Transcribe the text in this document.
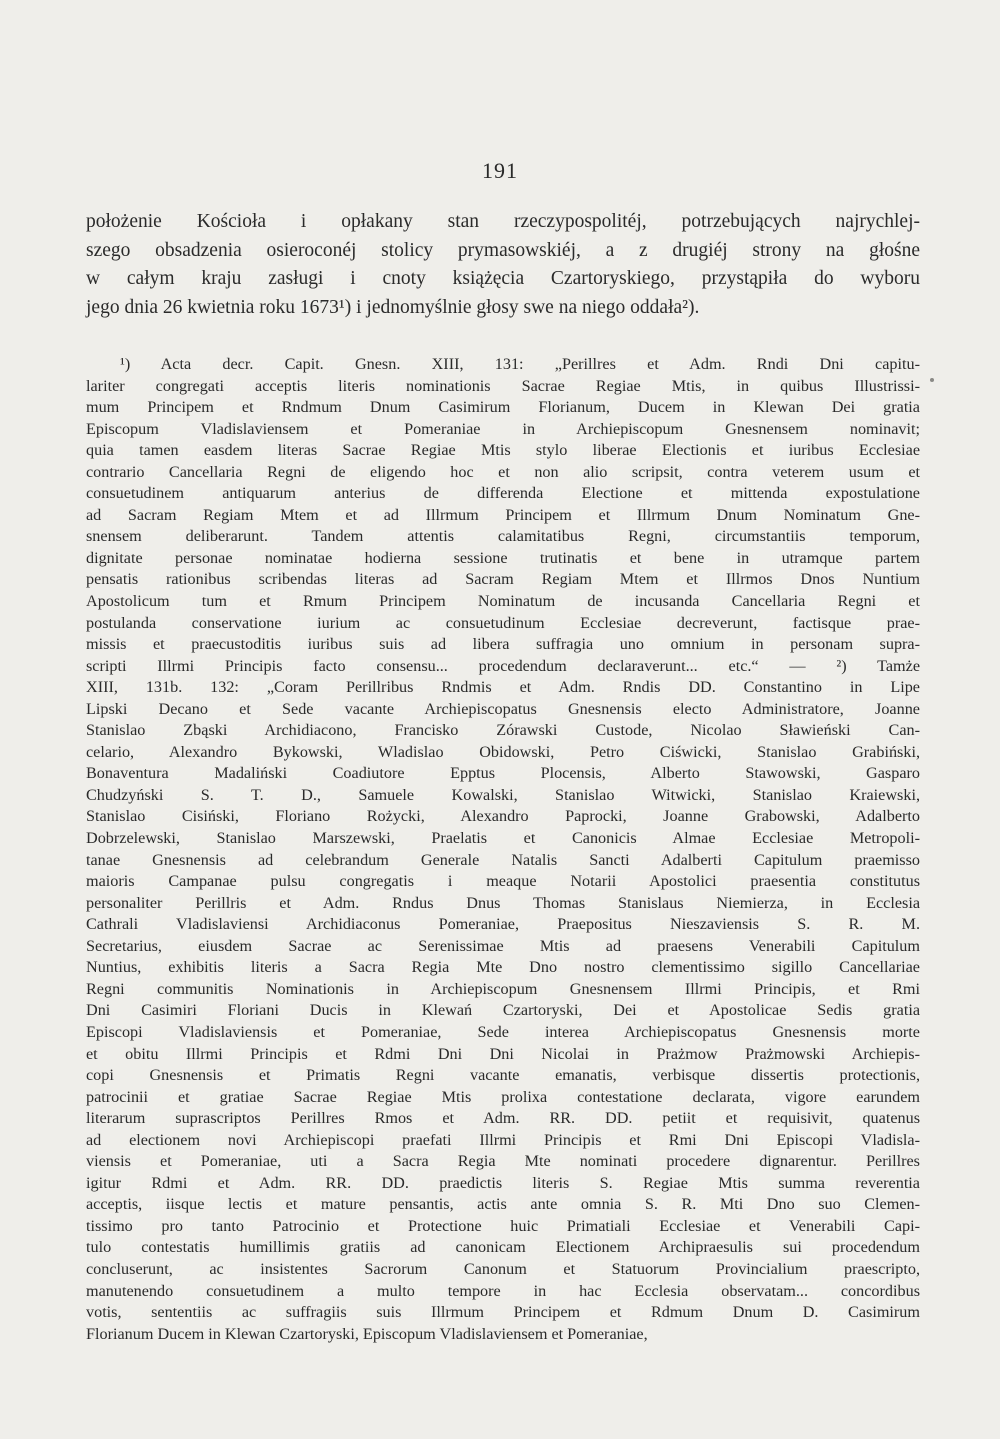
191
położenie Kościoła i opłakany stan rzeczypospolitéj, potrzebujących najrychlej-
szego obsadzenia osieroconéj stolicy prymasowskiéj, a z drugiéj strony na głośne
w całym kraju zasługi i cnoty książęcia Czartoryskiego, przystąpiła do wyboru
jego dnia 26 kwietnia roku 1673¹) i jednomyślnie głosy swe na niego oddała²).
¹) Acta decr. Capit. Gnesn. XIII, 131: „Perillres et Adm. Rndi Dni capitu-
lariter congregati acceptis literis nominationis Sacrae Regiae Mtis, in quibus Illustrissi-
mum Principem et Rndmum Dnum Casimirum Florianum, Ducem in Klewan Dei gratia
Episcopum Vladislaviensem et Pomeraniae in Archiepiscopum Gnesnensem nominavit;
quia tamen easdem literas Sacrae Regiae Mtis stylo liberae Electionis et iuribus Ecclesiae
contrario Cancellaria Regni de eligendo hoc et non alio scripsit, contra veterem usum et
consuetudinem antiquarum anterius de differenda Electione et mittenda expostulatione
ad Sacram Regiam Mtem et ad Illrmum Principem et Illrmum Dnum Nominatum Gne-
snensem deliberarunt. Tandem attentis calamitatibus Regni, circumstantiis temporum,
dignitate personae nominatae hodierna sessione trutinatis et bene in utramque partem
pensatis rationibus scribendas literas ad Sacram Regiam Mtem et Illrmos Dnos Nuntium
Apostolicum tum et Rmum Principem Nominatum de incusanda Cancellaria Regni et
postulanda conservatione iurium ac consuetudinum Ecclesiae decreverunt, factisque prae-
missis et praecustoditis iuribus suis ad libera suffragia uno omnium in personam supra-
scripti Illrmi Principis facto consensu... procedendum declaraverunt... etc.“ — ²) Tamże
XIII, 131b. 132: „Coram Perillribus Rndmis et Adm. Rndis DD. Constantino in Lipe
Lipski Decano et Sede vacante Archiepiscopatus Gnesnensis electo Administratore, Joanne
Stanislao Zbąski Archidiacono, Francisko Zórawski Custode, Nicolao Sławieński Can-
celario, Alexandro Bykowski, Wladislao Obidowski, Petro Ciświcki, Stanislao Grabiński,
Bonaventura Madaliński Coadiutore Epptus Plocensis, Alberto Stawowski, Gasparo
Chudzyński S. T. D., Samuele Kowalski, Stanislao Witwicki, Stanislao Kraiewski,
Stanislao Cisiński, Floriano Rożycki, Alexandro Paprocki, Joanne Grabowski, Adalberto
Dobrzelewski, Stanislao Marszewski, Praelatis et Canonicis Almae Ecclesiae Metropoli-
tanae Gnesnensis ad celebrandum Generale Natalis Sancti Adalberti Capitulum praemisso
maioris Campanae pulsu congregatis i meaque Notarii Apostolici praesentia constitutus
personaliter Perillris et Adm. Rndus Dnus Thomas Stanislaus Niemierza, in Ecclesia
Cathrali Vladislaviensi Archidiaconus Pomeraniae, Praepositus Nieszaviensis S. R. M.
Secretarius, eiusdem Sacrae ac Serenissimae Mtis ad praesens Venerabili Capitulum
Nuntius, exhibitis literis a Sacra Regia Mte Dno nostro clementissimo sigillo Cancellariae
Regni communitis Nominationis in Archiepiscopum Gnesnensem Illrmi Principis, et Rmi
Dni Casimiri Floriani Ducis in Klewań Czartoryski, Dei et Apostolicae Sedis gratia
Episcopi Vladislaviensis et Pomeraniae, Sede interea Archiepiscopatus Gnesnensis morte
et obitu Illrmi Principis et Rdmi Dni Dni Nicolai in Prażmow Prażmowski Archiepis-
copi Gnesnensis et Primatis Regni vacante emanatis, verbisque dissertis protectionis,
patrocinii et gratiae Sacrae Regiae Mtis prolixa contestatione declarata, vigore earundem
literarum suprascriptos Perillres Rmos et Adm. RR. DD. petiit et requisivit, quatenus
ad electionem novi Archiepiscopi praefati Illrmi Principis et Rmi Dni Episcopi Vladisla-
viensis et Pomeraniae, uti a Sacra Regia Mte nominati procedere dignarentur. Perillres
igitur Rdmi et Adm. RR. DD. praedictis literis S. Regiae Mtis summa reverentia
acceptis, iisque lectis et mature pensantis, actis ante omnia S. R. Mti Dno suo Clemen-
tissimo pro tanto Patrocinio et Protectione huic Primatiali Ecclesiae et Venerabili Capi-
tulo contestatis humillimis gratiis ad canonicam Electionem Archipraesulis sui procedendum
concluserunt, ac insistentes Sacrorum Canonum et Statuorum Provincialium praescripto,
manutenendo consuetudinem a multo tempore in hac Ecclesia observatam... concordibus
votis, sententiis ac suffragiis suis Illrmum Principem et Rdmum Dnum D. Casimirum
Florianum Ducem in Klewan Czartoryski, Episcopum Vladislaviensem et Pomeraniae,
